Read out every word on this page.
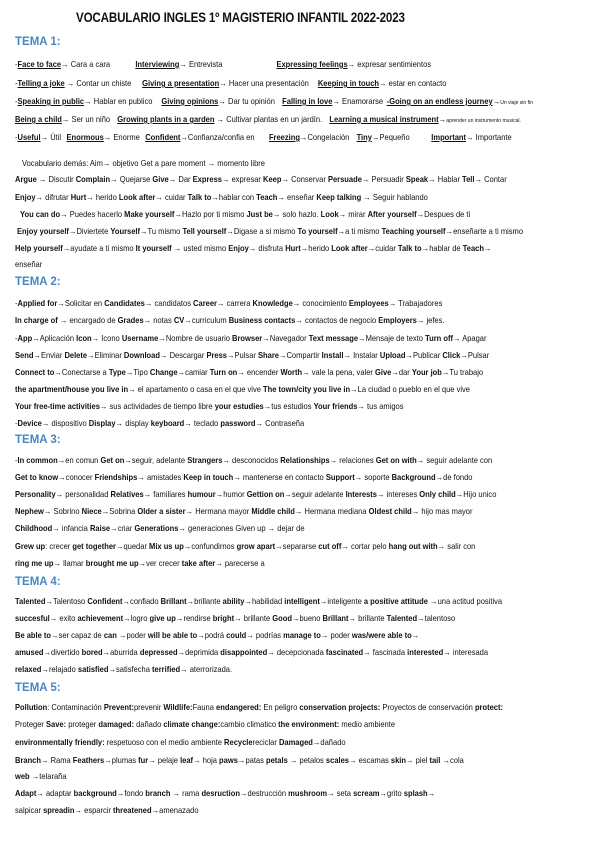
VOCABULARIO INGLES 1º MAGISTERIO INFANTIL 2022-2023
TEMA 1:
TEMA 2:
TEMA 3:
TEMA 4:
TEMA 5:
-Face to face→ Cara a cara	Interviewing→ Entrevista	Expressing feelings→ expresar sentimientos
-Telling a joke → Contar un chiste Giving a presentation→ Hacer una presentación Keeping in touch→ estar en contacto
-Speaking in public→ Hablar en publico Giving opinions→ Dar tu opinión Falling in love→ Enamorarse -Going on an endless journey→Un viaje sin fin
Being a child→ Ser un niño Growing plants in a garden → Cultivar plantas en un jardín. Learning a musical instrument→aprender un instrumento musical.
-Useful→ Útil Enormous→ Enorme Confident→Confianza/confia en Freezing→Congelación Tiny→Pequeño	Important→ Importante
Vocabulario demás: Aim→ objetivo Get a pare moment → momento libre
Argue → Discutir Complain→ Quejarse Give→ Dar Express→ expresar Keep→ Conservar Persuade→ Persuadir Speak→ Hablar Tell→ Contar
Enjoy→ difrutar Hurt→ herido Look after→ cuidar Talk to→hablar con Teach→ enseñar Keep talking → Seguir hablando
You can do→ Puedes hacerlo Make yourself→Hazlo por ti mismo Just be→ solo hazlo. Look→ mirar After yourself→Despues de ti
Enjoy yourself→Diviertete Yourself→Tu mismo Tell yourself→Digase a si mismo To yourself→a ti mismo Teaching yourself→enseñarte a ti mismo
Help yourself→ayudate a ti mismo It yourself → usted mismo Enjoy→ disfruta Hurt→herido Look after→cuidar Talk to→hablar de Teach→
enseñar
-Applied for→Solicitar en Candidates→ candidatos Career→ carrera Knowledge→ conocimiento Employees→ Trabajadores
In charge of → encargado de Grades→ notas CV→curriculum Business contacts→ contactos de negocio Employers→ jefes.
-App→Aplicación Icon→ Icono Username→Nombre de usuario Browser→Navegador Text message→Mensaje de texto Turn off→ Apagar
Send→Enviar Delete→Eliminar Download→ Descargar Press→Pulsar Share→Compartir Install→ Instalar Upload→Publicar Click→Pulsar
Connect to→Conectarse a Type→Tipo Change→camiar Turn on→ encender Worth→ vale la pena, valer Give→dar Your job→Tu trabajo
the apartment/house you live in→ el apartamento o casa en el que vive The town/city you live in→La ciudad o pueblo en el que vive
Your free-time activities→ sus actividades de tiempo libre your estudies→tus estudios Your friends→ tus amigos
-Device→ dispositivo Display→ display keyboard→ teclado password→ Contraseña
-In common→en comun Get on→seguir, adelante Strangers→ desconocidos Relationships→ relaciones Get on with→ seguir adelante con
Get to know→conocer Friendships→ amistades Keep in touch→ mantenerse en contacto Support→ soporte Background→de fondo
Personality→ personalidad Relatives→ familiares humour→humor Gettion on→seguir adelante Interests→ intereses Only child→Hijo unico
Nephew→ Sobrino Niece→Sobrina Older a sister→ Hermana mayor Middle child→ Hermana mediana Oldest child→ hijo mas mayor
Childhood→ infancia Raise→criar Generations→ generaciones Given up → dejar de
Grew up: crecer get together→quedar Mix us up→confundirnos grow apart→separarse cut off→ cortar pelo hang out with→ salir con
ring me up→ llamar brought me up→ver crecer take after→ parecerse a
Talented→Talentoso Confident→confiado Brillant→brillante ability→habilidad intelligent→inteligente a positive attitude →una actitud positiva
succesful→ exito achievement→logro give up→rendirse bright→ brillante Good→bueno Brillant→ brillante Talented→talentoso
Be able to→ser capaz de can →poder will be able to→podrá could→ podrías manage to→ poder was/were able to→
amused→divertido bored→aburrida depressed→deprimida disappointed→ decepcionada fascinated→ fascinada interested→ interesada
relaxed→relajado satisfied→satisfecha terrified→ aterrorizada.
Pollution: Contaminación Prevent:prevenir Wildlife:Fauna endangered: En peligro conservation projects: Proyectos de conservación protect:
Proteger Save: proteger damaged: dañado climate change:cambio climatico the environment: medio ambiente
environmentally friendly: respetuoso con el medio ambiente Recyclereciclar Damaged→dañado
Branch→ Rama Feathers→plumas fur→ pelaje leaf→ hoja paws→patas petals → petalos scales→ escamas skin→ piel tail →cola
web →telaraña
Adapt→ adaptar background→fondo branch → rama desruction→destrucción mushroom→ seta scream→grito splash→
salpicar spreadin→ esparcir threatened→amenazado
